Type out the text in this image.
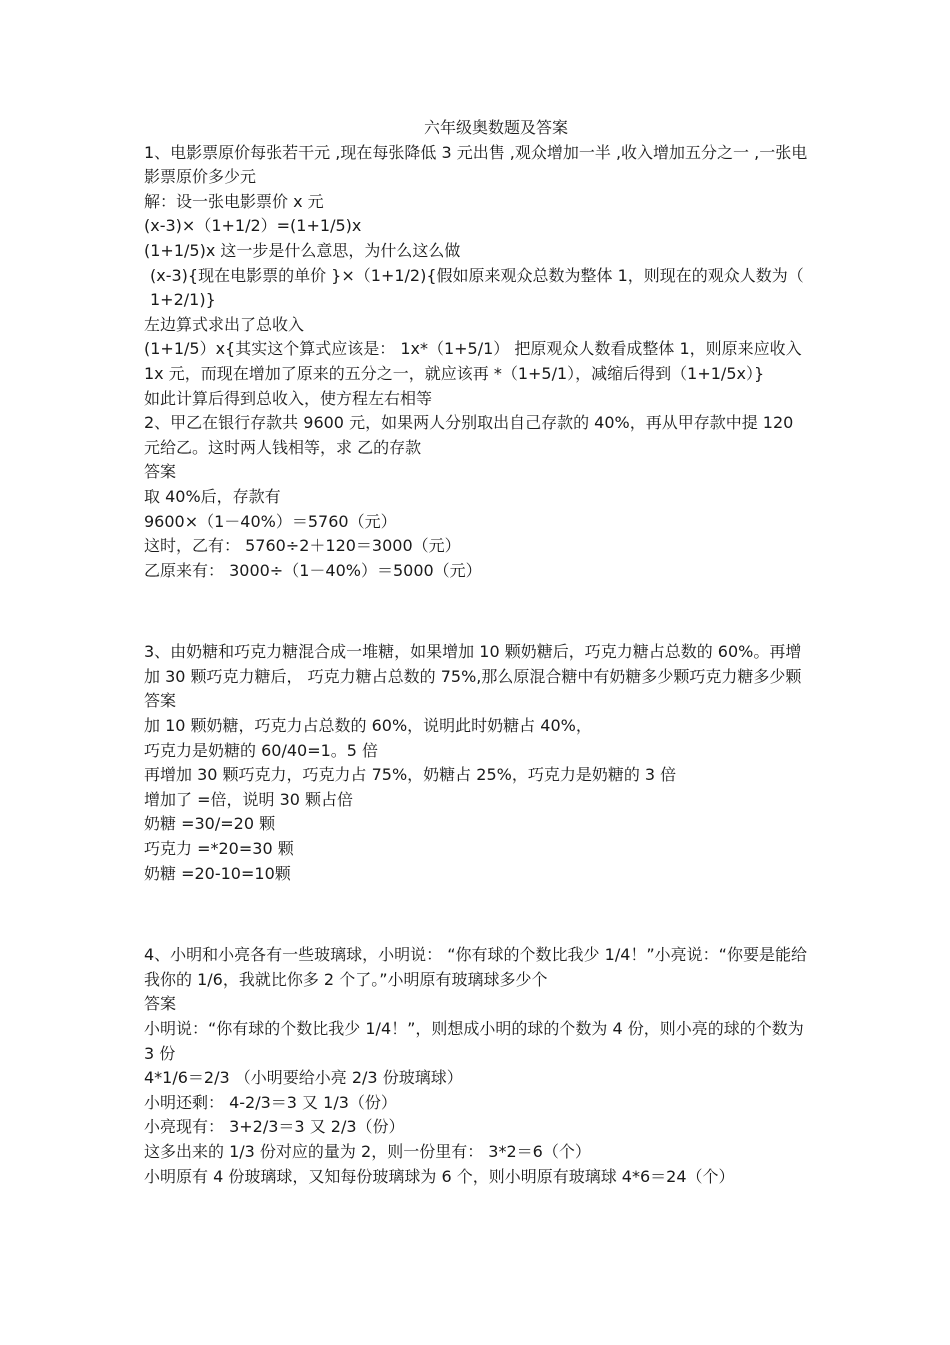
六年级奥数题及答案

1、电影票原价每张若干元 ,现在每张降低 3 元出售 ,观众增加一半 ,收入增加五分之一 ,一张电影票原价多少元

解：设一张电影票价 x 元

(x-3)×（1+1/2）=(1+1/5)x

(1+1/5)x 这一步是什么意思，为什么这么做

(x-3){现在电影票的单价 }×（1+1/2){假如原来观众总数为整体 1，则现在的观众人数为（ 1+2/1)}

左边算式求出了总收入

(1+1/5）x{其实这个算式应该是： 1x*（1+5/1） 把原观众人数看成整体 1，则原来应收入 1x 元，而现在增加了原来的五分之一，就应该再 *（1+5/1），减缩后得到（1+1/5x）}

如此计算后得到总收入，使方程左右相等

2、甲乙在银行存款共 9600 元，如果两人分别取出自己存款的 40%，再从甲存款中提 120 元给乙。这时两人钱相等，求 乙的存款

答案

取 40%后，存款有

9600×（1－40%）＝5760（元）

这时，乙有： 5760÷2＋120＝3000（元）

乙原来有： 3000÷（1－40%）＝5000（元）

3、由奶糖和巧克力糖混合成一堆糖，如果增加 10 颗奶糖后，巧克力糖占总数的 60%。再增加 30 颗巧克力糖后， 巧克力糖占总数的 75%,那么原混合糖中有奶糖多少颗巧克力糖多少颗

答案

加 10 颗奶糖，巧克力占总数的 60%，说明此时奶糖占 40%，

巧克力是奶糖的 60/40=1。5 倍

再增加 30 颗巧克力，巧克力占 75%，奶糖占 25%，巧克力是奶糖的 3 倍

增加了 =倍，说明 30 颗占倍

奶糖 =30/=20 颗

巧克力 =*20=30 颗

奶糖 =20-10=10颗

4、小明和小亮各有一些玻璃球，小明说： “你有球的个数比我少 1/4！”小亮说：“你要是能给我你的 1/6，我就比你多 2 个了。”小明原有玻璃球多少个

答案

小明说：“你有球的个数比我少 1/4！”，则想成小明的球的个数为 4 份，则小亮的球的个数为 3 份

4*1/6＝2/3 （小明要给小亮 2/3 份玻璃球）

小明还剩： 4-2/3＝3 又 1/3（份）

小亮现有： 3+2/3＝3 又 2/3（份）

这多出来的 1/3 份对应的量为 2，则一份里有： 3*2＝6（个）

小明原有 4 份玻璃球，又知每份玻璃球为 6 个，则小明原有玻璃球 4*6＝24（个）
